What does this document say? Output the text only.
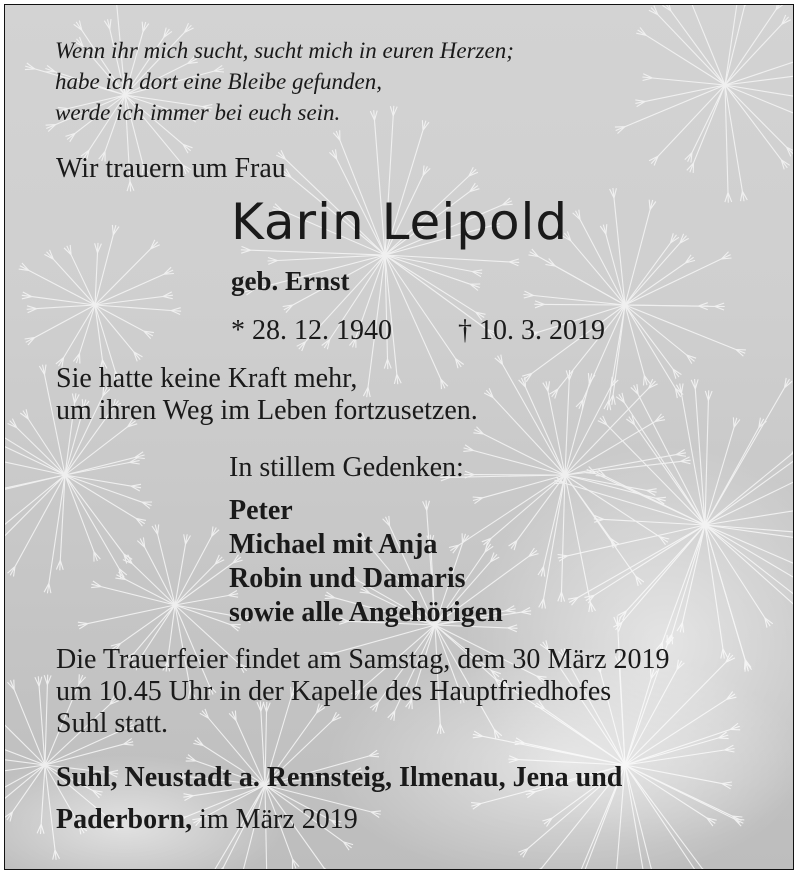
Wenn ihr mich sucht, sucht mich in euren Herzen;
habe ich dort eine Bleibe gefunden,
werde ich immer bei euch sein.
Wir trauern um Frau
Karin Leipold
geb. Ernst
* 28. 12. 1940 † 10. 3. 2019
Sie hatte keine Kraft mehr,
um ihren Weg im Leben fortzusetzen.
In stillem Gedenken:
Peter
Michael mit Anja
Robin und Damaris
sowie alle Angehörigen
Die Trauerfeier findet am Samstag, dem 30 März 2019
um 10.45 Uhr in der Kapelle des Hauptfriedhofes
Suhl statt.
Suhl, Neustadt a. Rennsteig, Ilmenau, Jena und
Paderborn, im März 2019
